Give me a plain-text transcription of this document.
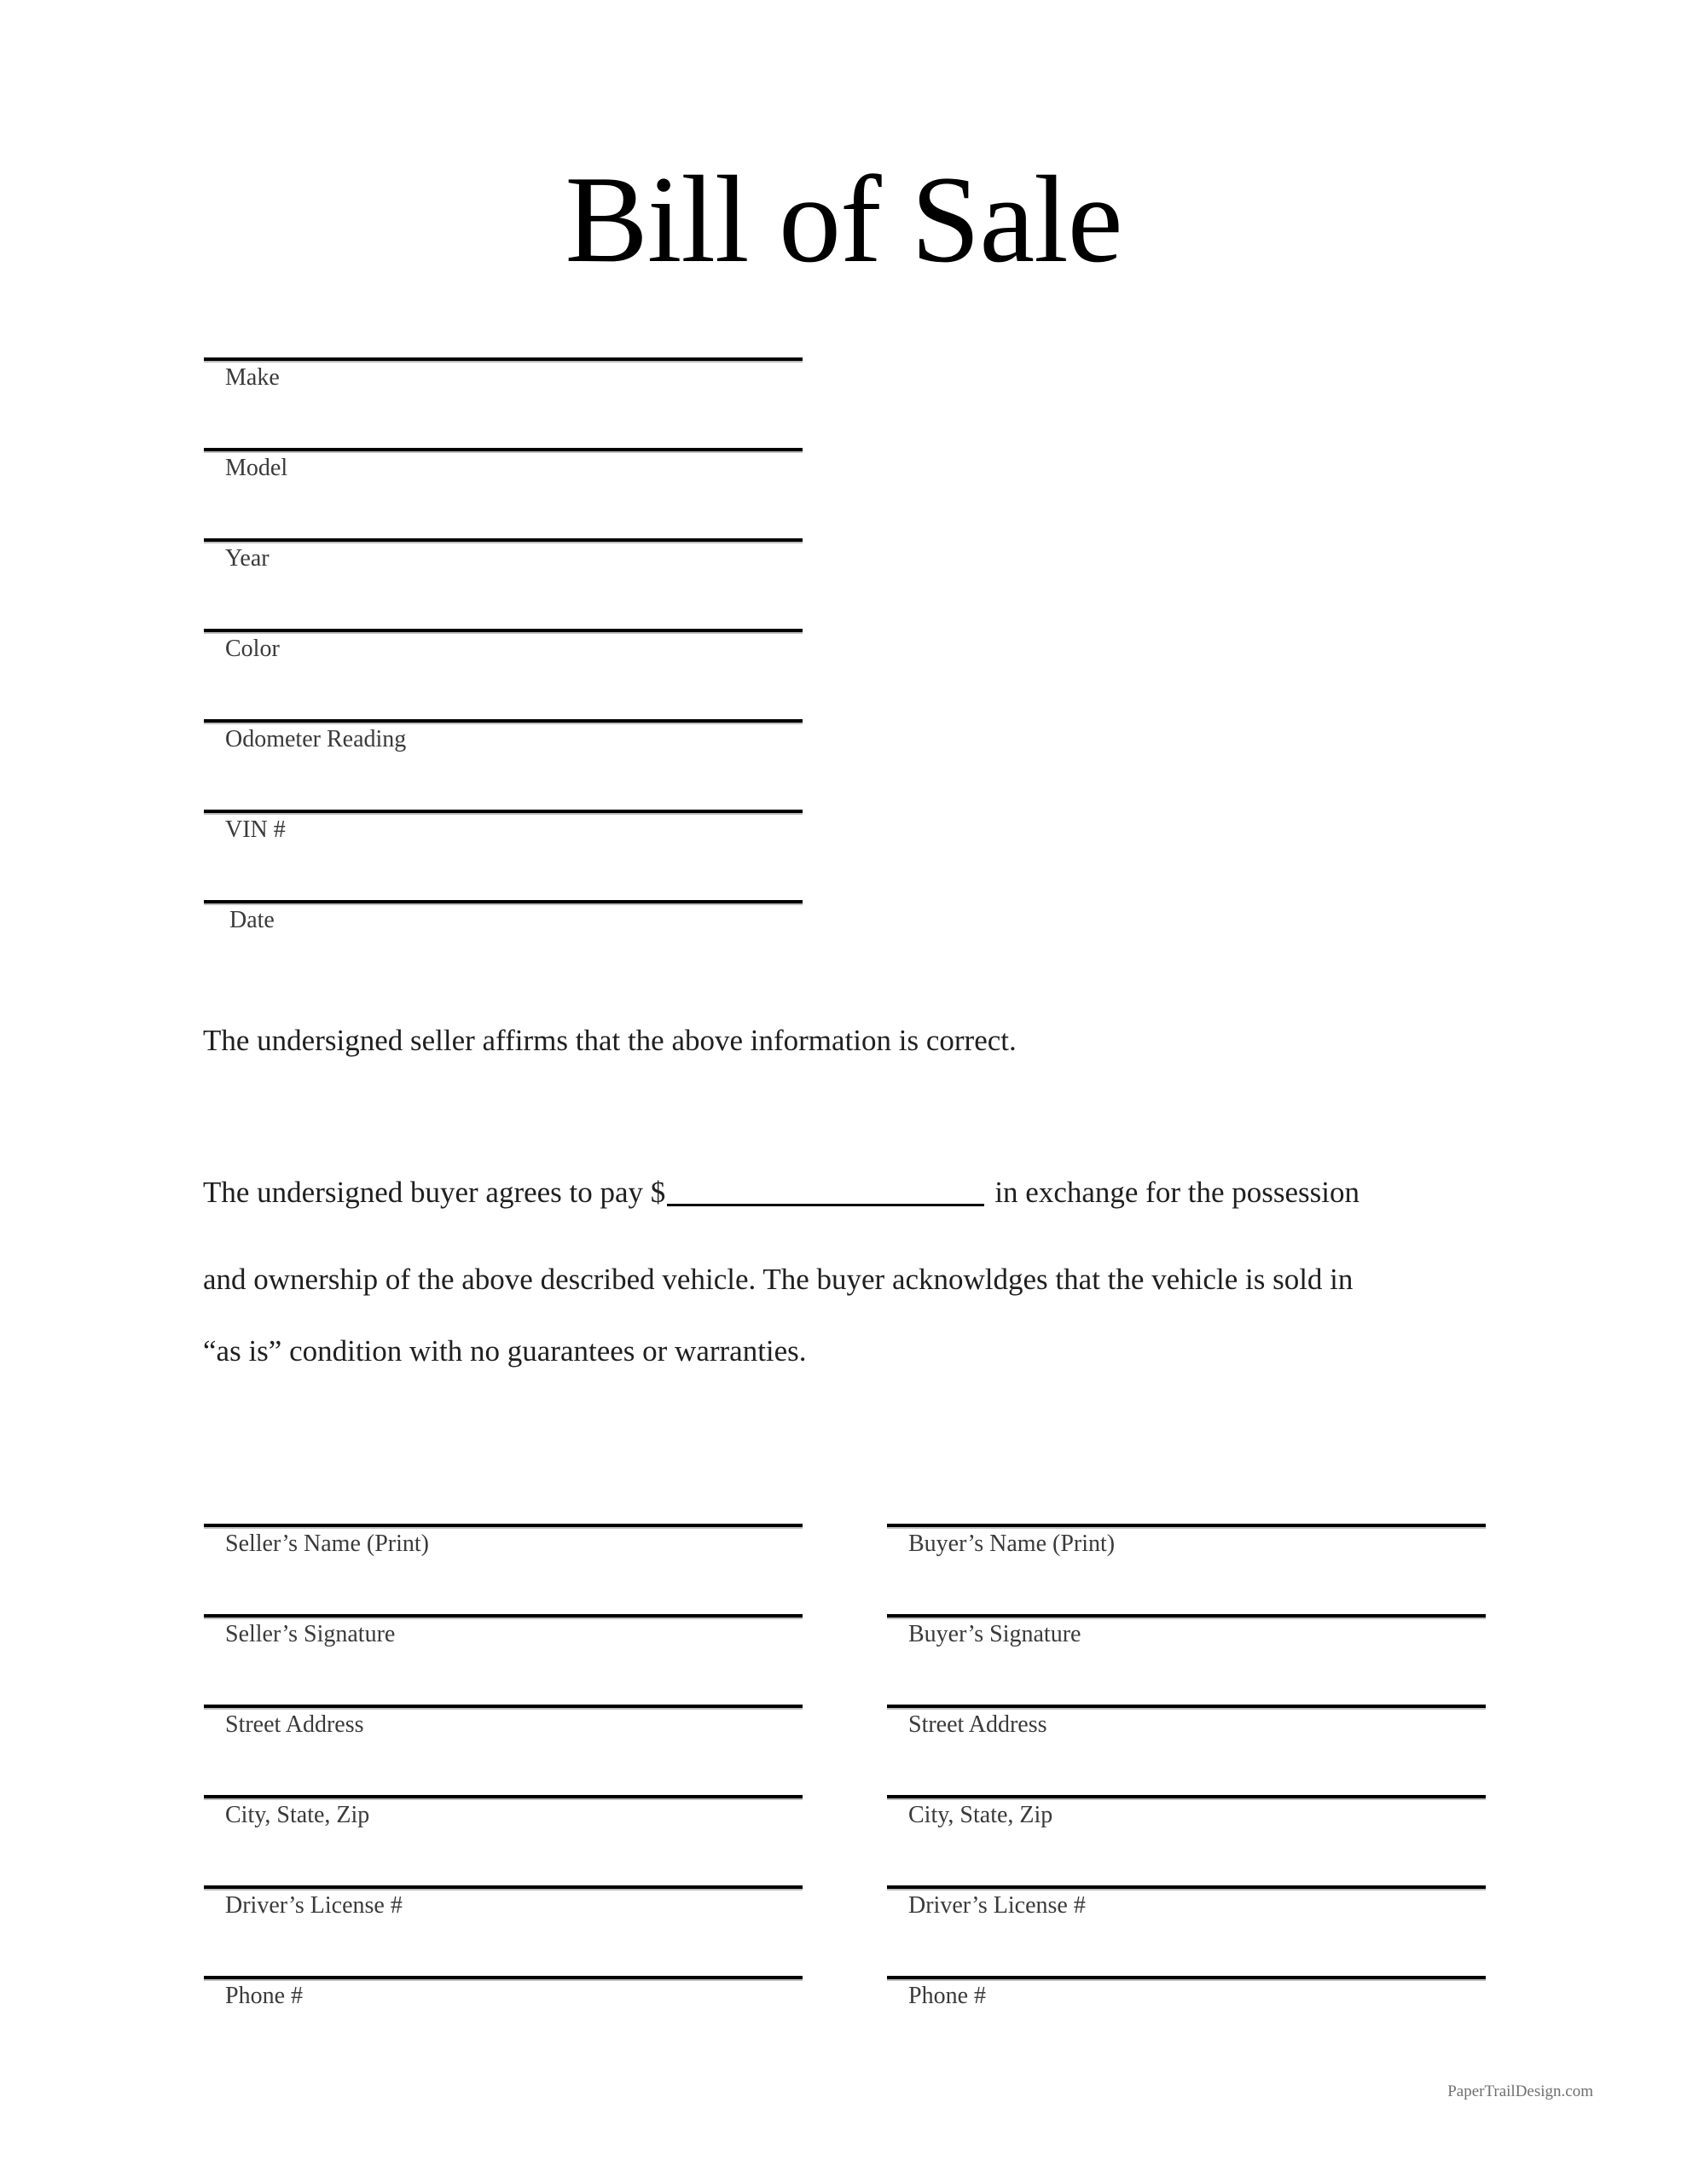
Bill of Sale
Make
Model
Year
Color
Odometer Reading
VIN #
Date

The undersigned seller affirms that the above information is correct.

The undersigned buyer agrees to pay $	in exchange for the possession

and ownership of the above described vehicle. The buyer acknowldges that the vehicle is sold in

“as is” condition with no guarantees or warranties.

Seller’s Name (Print)
Seller’s Signature
Street Address
City, State, Zip
Driver’s License #
Phone #
Buyer’s Name (Print)
Buyer’s Signature
Street Address
City, State, Zip
Driver’s License #
Phone #

PaperTrailDesign.com
